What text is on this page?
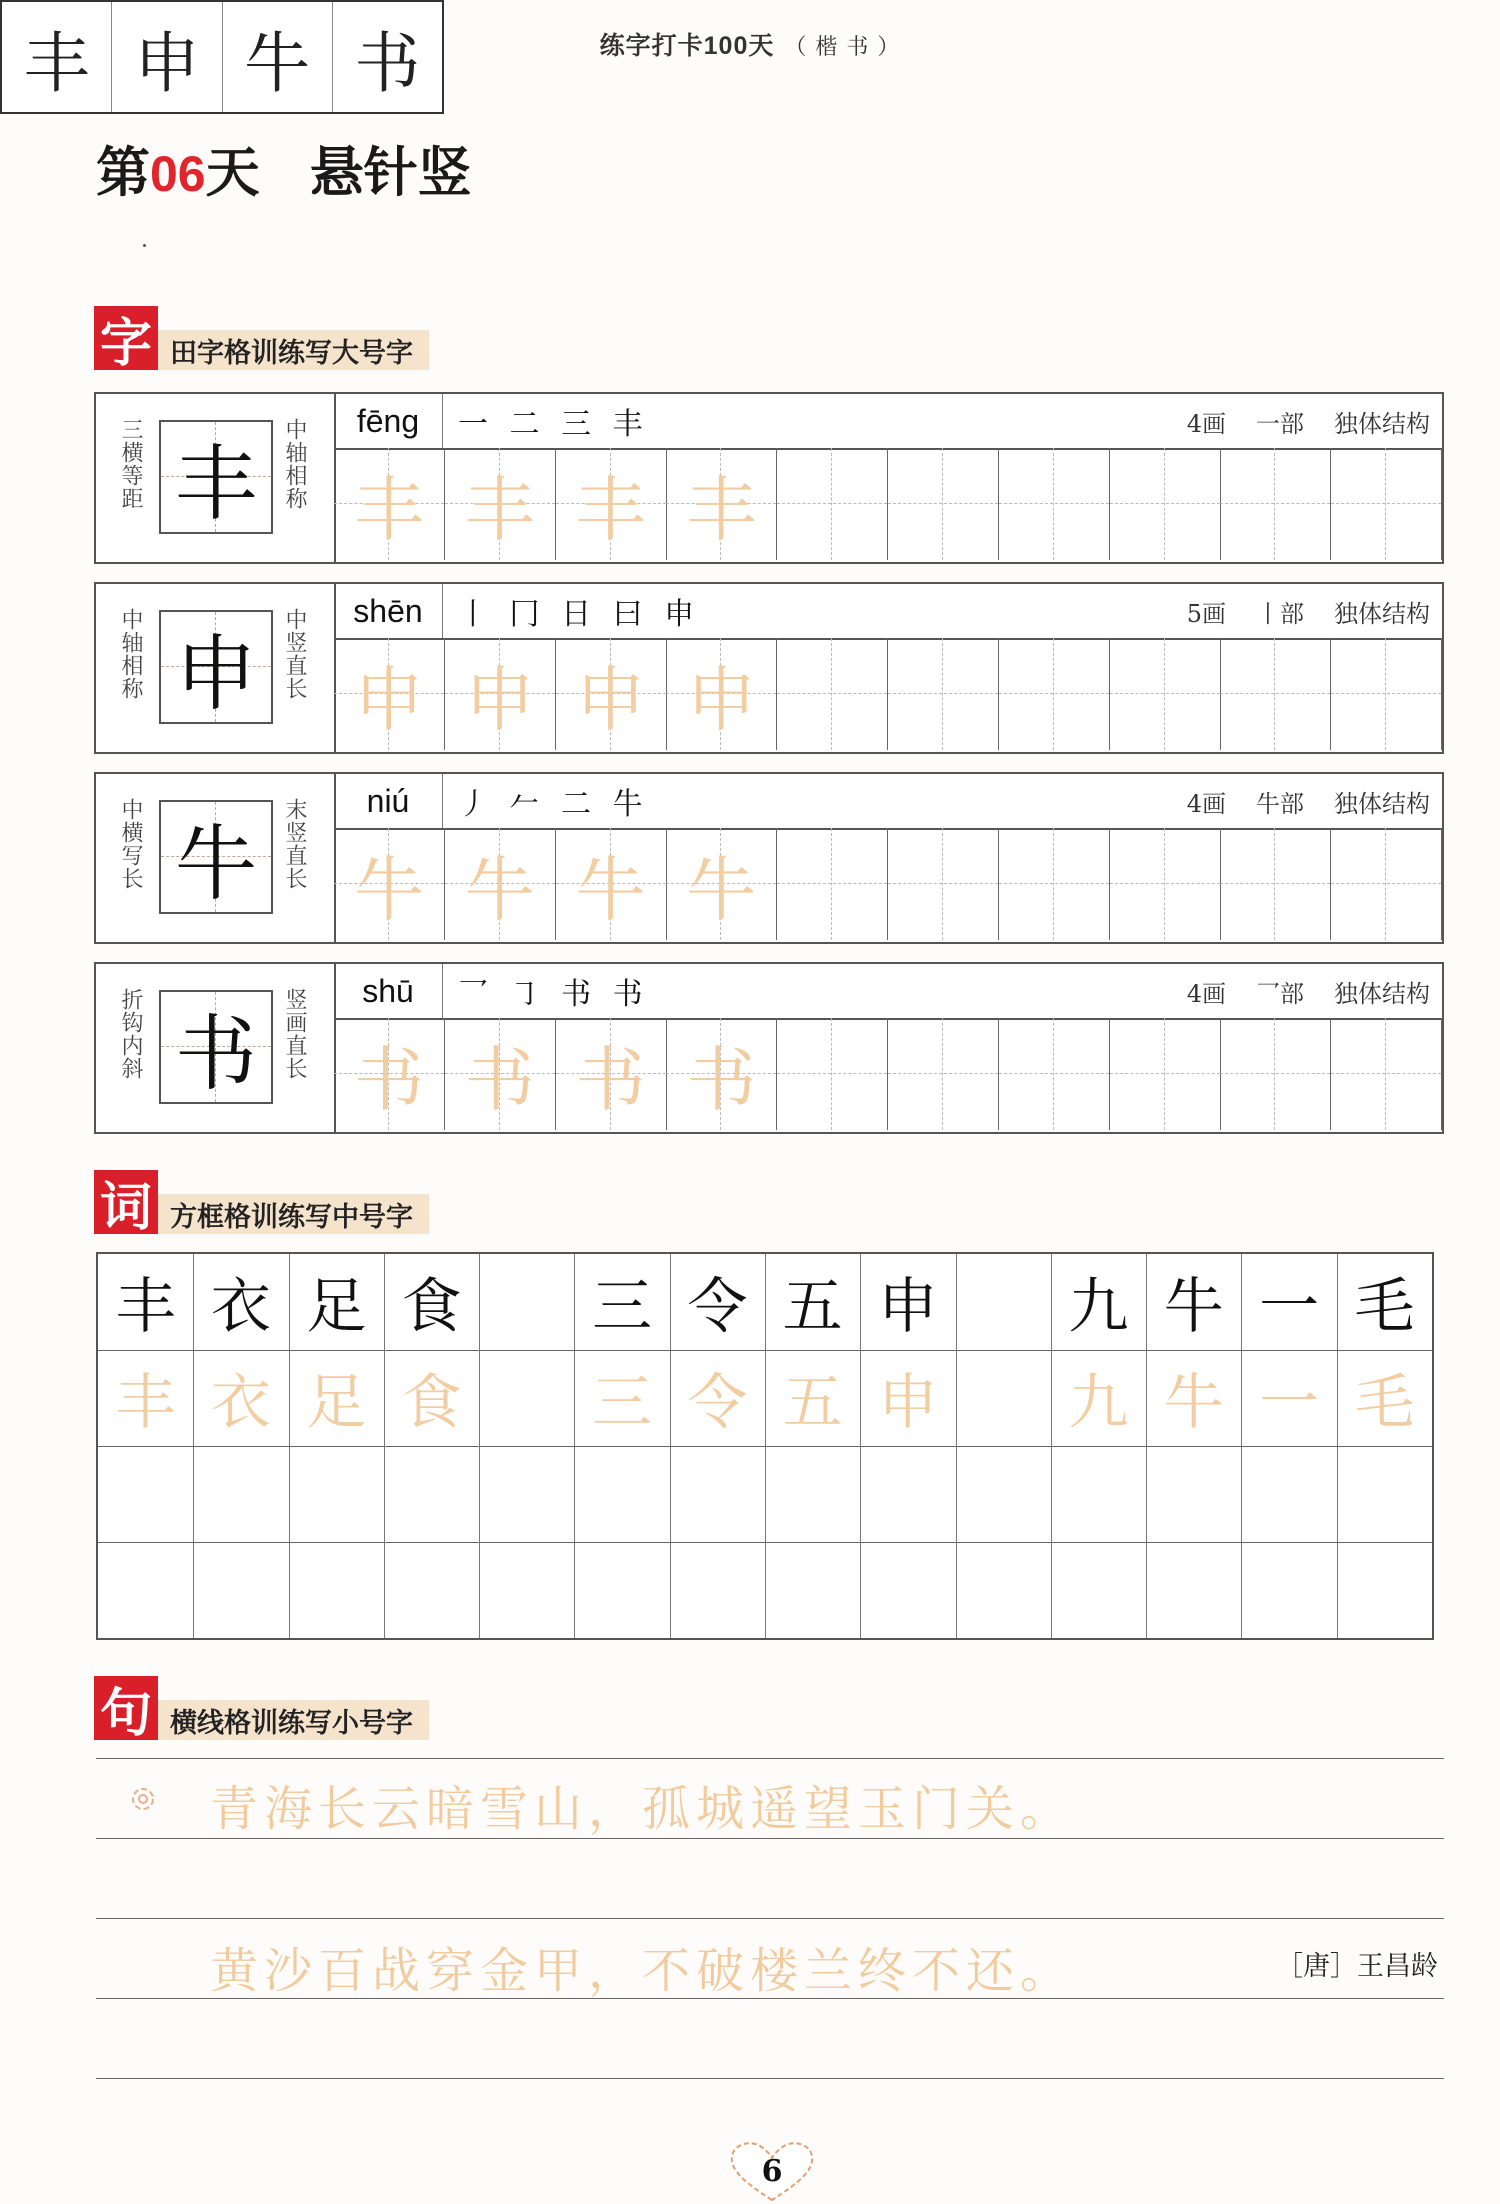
练字打卡100天 （ 楷 书 ）
第06天 悬针竖
丰 申 牛 书
字 田字格训练写大号字
三横等距 丰	中轴相称	fēng	一 二 三 丰	4画 一部 独体结构
丰 丰 丰 丰
中轴相称 申	中竖直长	shēn	丨 冂 日 曰 申	5画 丨部 独体结构
申 申 申 申
中横写长 牛	末竖直长	niú	丿 𠂉 二 牛	4画 牛部 独体结构
牛 牛 牛 牛
折钩内斜 书	竖画直长	shū	乛 ㇆ 书 书	4画 乛部 独体结构
书 书 书 书
词 方框格训练写中号字
丰 衣 足 食	三 令 五 申	九 牛 一 毛
丰 衣 足 食	三 令 五 申	九 牛 一 毛
句 横线格训练写小号字
青海长云暗雪山，孤城遥望玉门关。
黄沙百战穿金甲，不破楼兰终不还。	［唐］王昌龄
6
